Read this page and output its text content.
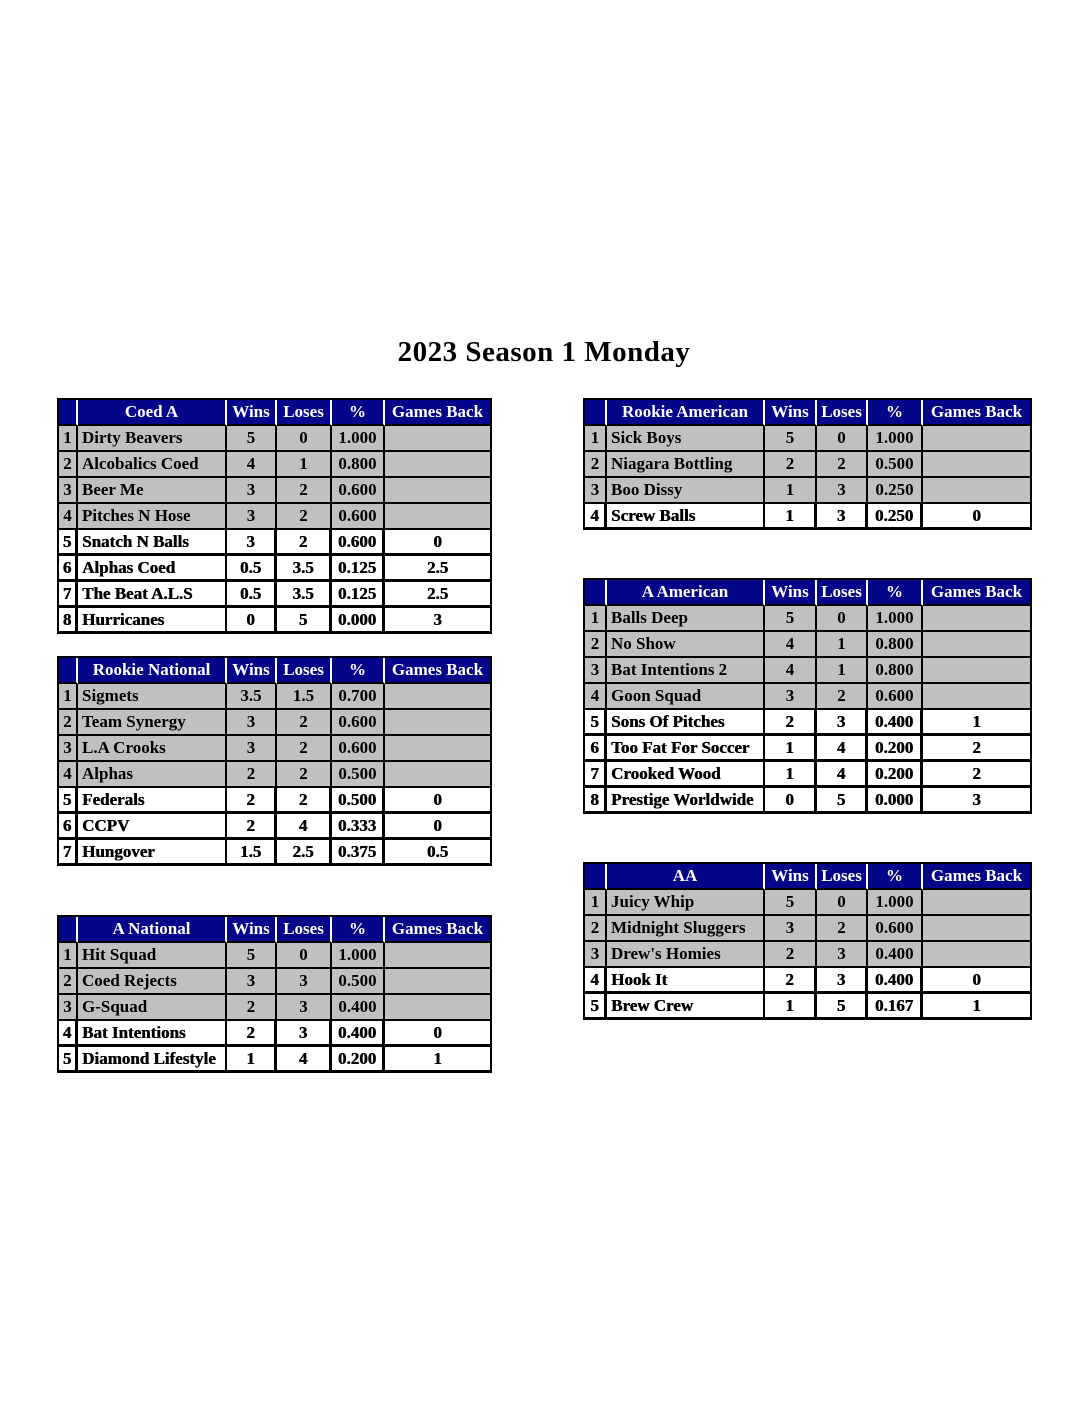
2023 Season 1 Monday
	Coed A	Wins	Loses	%	Games Back
1	Dirty Beavers	5	0	1.000	
2	Alcobalics Coed	4	1	0.800	
3	Beer Me	3	2	0.600	
4	Pitches N Hose	3	2	0.600	
5	Snatch N Balls	3	2	0.600	0
6	Alphas Coed	0.5	3.5	0.125	2.5
7	The Beat A.L.S	0.5	3.5	0.125	2.5
8	Hurricanes	0	5	0.000	3
	Rookie National	Wins	Loses	%	Games Back
1	Sigmets	3.5	1.5	0.700	
2	Team Synergy	3	2	0.600	
3	L.A Crooks	3	2	0.600	
4	Alphas	2	2	0.500	
5	Federals	2	2	0.500	0
6	CCPV	2	4	0.333	0
7	Hungover	1.5	2.5	0.375	0.5
	A National	Wins	Loses	%	Games Back
1	Hit Squad	5	0	1.000	
2	Coed Rejects	3	3	0.500	
3	G-Squad	2	3	0.400	
4	Bat Intentions	2	3	0.400	0
5	Diamond Lifestyle	1	4	0.200	1
	Rookie American	Wins	Loses	%	Games Back
1	Sick Boys	5	0	1.000	
2	Niagara Bottling	2	2	0.500	
3	Boo Dissy	1	3	0.250	
4	Screw Balls	1	3	0.250	0
	A American	Wins	Loses	%	Games Back
1	Balls Deep	5	0	1.000	
2	No Show	4	1	0.800	
3	Bat Intentions 2	4	1	0.800	
4	Goon Squad	3	2	0.600	
5	Sons Of Pitches	2	3	0.400	1
6	Too Fat For Soccer	1	4	0.200	2
7	Crooked Wood	1	4	0.200	2
8	Prestige Worldwide	0	5	0.000	3
	AA	Wins	Loses	%	Games Back
1	Juicy Whip	5	0	1.000	
2	Midnight Sluggers	3	2	0.600	
3	Drew's Homies	2	3	0.400	
4	Hook It	2	3	0.400	0
5	Brew Crew	1	5	0.167	1
